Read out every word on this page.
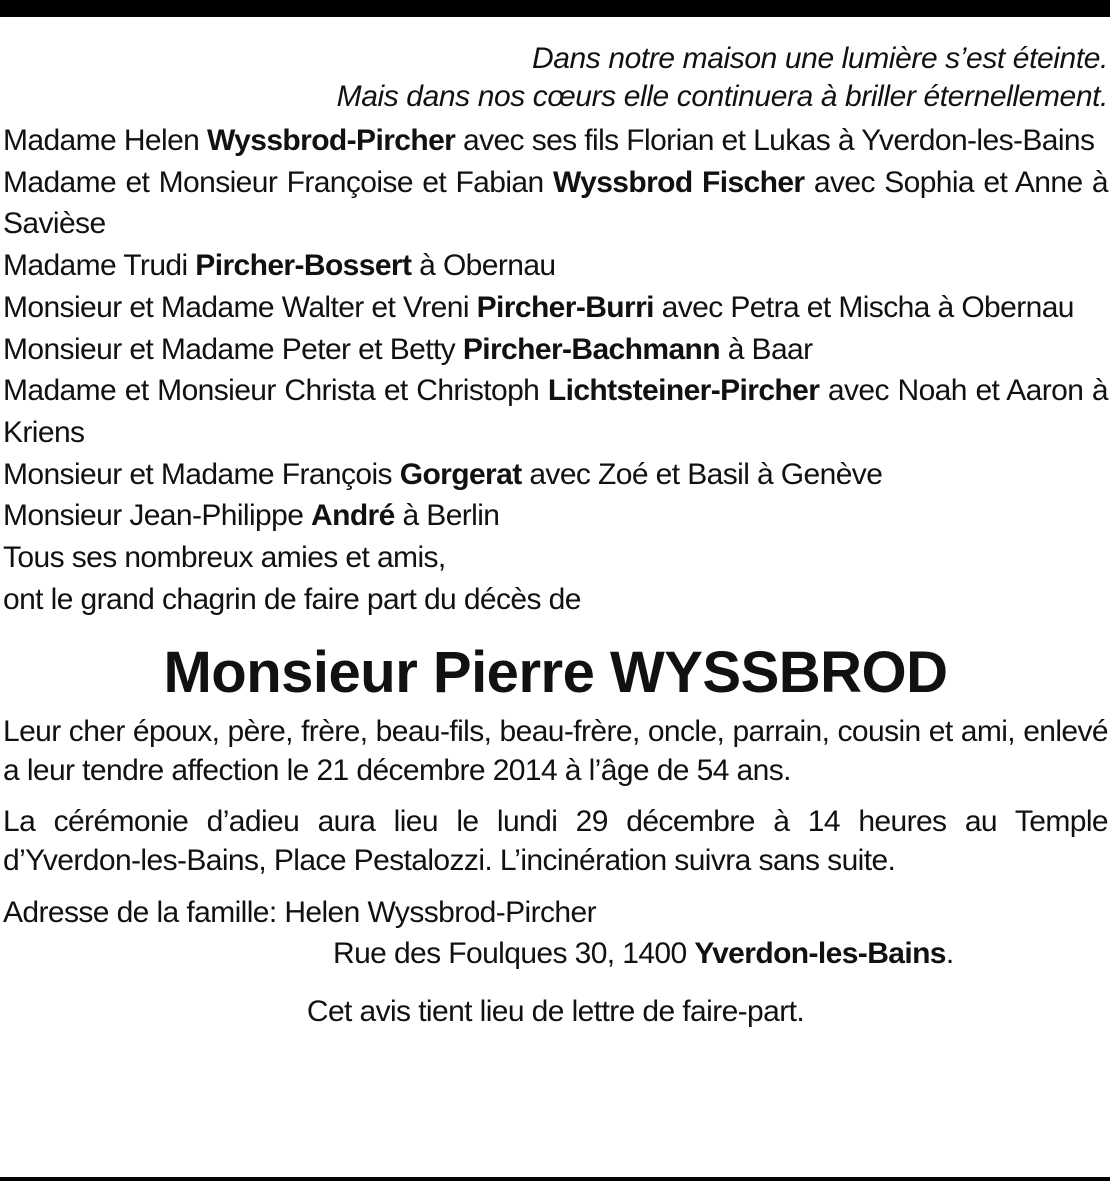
Dans notre maison une lumière s’est éteinte.
Mais dans nos cœurs elle continuera à briller éternellement.
Madame Helen Wyssbrod-Pircher avec ses fils Florian et Lukas à Yverdon-les-Bains
Madame et Monsieur Françoise et Fabian Wyssbrod Fischer avec Sophia et Anne à Savièse
Madame Trudi Pircher-Bossert à Obernau
Monsieur et Madame Walter et Vreni Pircher-Burri avec Petra et Mischa à Obernau
Monsieur et Madame Peter et Betty Pircher-Bachmann à Baar
Madame et Monsieur Christa et Christoph Lichtsteiner-Pircher avec Noah et Aaron à Kriens
Monsieur et Madame François Gorgerat avec Zoé et Basil à Genève
Monsieur Jean-Philippe André à Berlin
Tous ses nombreux amies et amis,
ont le grand chagrin de faire part du décès de
Monsieur Pierre WYSSBROD
Leur cher époux, père, frère, beau-fils, beau-frère, oncle, parrain, cousin et ami, enlevé a leur tendre affection le 21 décembre 2014 à l’âge de 54 ans.
La cérémonie d’adieu aura lieu le lundi 29 décembre à 14 heures au Temple d’Yverdon-les-Bains, Place Pestalozzi. L’incinération suivra sans suite.
Adresse de la famille: Helen Wyssbrod-Pircher
Rue des Foulques 30, 1400 Yverdon-les-Bains.
Cet avis tient lieu de lettre de faire-part.
